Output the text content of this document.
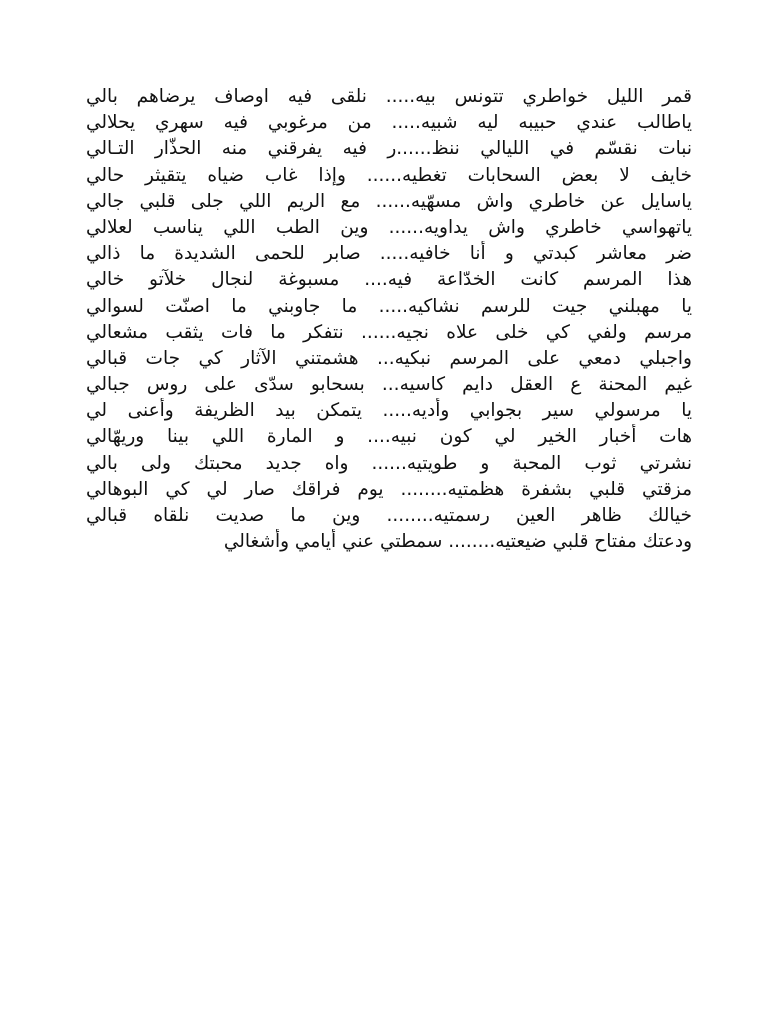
قمر الليل خواطري تتونس بيه..... نلقى فيه اوصاف يرضاهم بالي
ياطالب عندي حبيبه ليه شبيه..... من مرغوبي فيه سهري يحلالي
نبات نقسّم في الليالي ننظ......ر فيه يفرقني منه الحذّار التـالي
خايف لا بعض السحابات تغطيه...... وإذا غاب ضياه يتقيثر حالي
ياسايل عن خاطري واش مسهّيه...... مع الريم اللي جلى قلبي جالي
ياتهواسي خاطري واش يداويه...... وين الطب اللي يناسب لعلالي
ضر معاشر كبدتي و أنا خافيه..... صابر للحمى الشديدة ما ذالي
هذا المرسم كانت الخدّاعة فيه.... مسبوغة لنجال خلآتو خالي
يا مهبلني جيت للرسم نشاكيه..... ما جاوبني ما اصنّت لسوالي
مرسم ولفي كي خلى علاه نجيه...... نتفكر ما فات يثقب مشعالي
واجبلي دمعي على المرسم نبكيه... هشمتني الآثار كي جات قبالي
غيم المحنة ع العقل دايم كاسيه... بسحابو سدّى على روس جبالي
يا مرسولي سير بجوابي وأديه..... يتمكن بيد الظريفة وأعنى لي
هات أخبار الخير لي كون نبيه.... و المارة اللي بينا وريهّالي
نشرتي ثوب المحبة و طويتيه...... واه جديد محبتك ولى بالي
مزقتي قلبي بشفرة هظمتيه........ يوم فراقك صار لي كي البوهالي
خيالك ظاهر العين رسمتيه........ وين ما صديت نلقاه قبالي
ودعتك مفتاح قلبي ضيعتيه........ سمطتي عني أيامي وأشغالي
